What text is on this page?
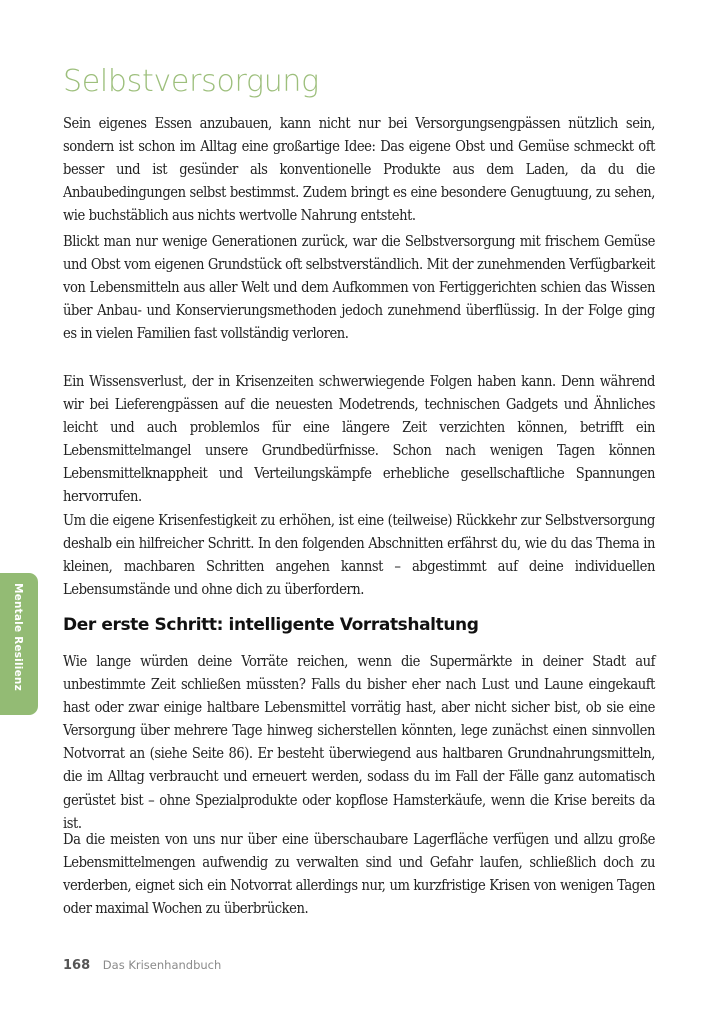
Selbstversorgung

Sein eigenes Essen anzubauen, kann nicht nur bei Versorgungsengpässen nützlich sein, sondern ist schon im Alltag eine großartige Idee: Das eigene Obst und Gemüse schmeckt oft besser und ist gesünder als konventionelle Produkte aus dem Laden, da du die Anbaubedingungen selbst bestimmst. Zudem bringt es eine besondere Genugtuung, zu sehen, wie buchstäblich aus nichts wertvolle Nahrung entsteht.

Blickt man nur wenige Generationen zurück, war die Selbstversorgung mit frischem Gemüse und Obst vom eigenen Grundstück oft selbstverständlich. Mit der zunehmenden Verfügbarkeit von Lebensmitteln aus aller Welt und dem Aufkommen von Fertiggerichten schien das Wissen über Anbau- und Konservierungsmethoden jedoch zunehmend überflüssig. In der Folge ging es in vielen Familien fast vollständig verloren.

Ein Wissensverlust, der in Krisenzeiten schwerwiegende Folgen haben kann. Denn während wir bei Lieferengpässen auf die neuesten Modetrends, technischen Gadgets und Ähnliches leicht und auch problemlos für eine längere Zeit verzichten können, betrifft ein Lebensmittelmangel unsere Grundbedürfnisse. Schon nach wenigen Tagen können Lebensmittelknappheit und Verteilungskämpfe erhebliche gesellschaftliche Spannungen hervorrufen.

Um die eigene Krisenfestigkeit zu erhöhen, ist eine (teilweise) Rückkehr zur Selbstversorgung deshalb ein hilfreicher Schritt. In den folgenden Abschnitten erfährst du, wie du das Thema in kleinen, machbaren Schritten angehen kannst – abgestimmt auf deine individuellen Lebensumstände und ohne dich zu überfordern.

Der erste Schritt: intelligente Vorratshaltung

Wie lange würden deine Vorräte reichen, wenn die Supermärkte in deiner Stadt auf unbestimmte Zeit schließen müssten? Falls du bisher eher nach Lust und Laune eingekauft hast oder zwar einige haltbare Lebensmittel vorrätig hast, aber nicht sicher bist, ob sie eine Versorgung über mehrere Tage hinweg sicherstellen könnten, lege zunächst einen sinnvollen Notvorrat an (siehe Seite 86). Er besteht überwiegend aus haltbaren Grundnahrungsmitteln, die im Alltag verbraucht und erneuert werden, sodass du im Fall der Fälle ganz automatisch gerüstet bist – ohne Spezialprodukte oder kopflose Hamsterkäufe, wenn die Krise bereits da ist.

Da die meisten von uns nur über eine überschaubare Lagerfläche verfügen und allzu große Lebensmittelmengen aufwendig zu verwalten sind und Gefahr laufen, schließlich doch zu verderben, eignet sich ein Notvorrat allerdings nur, um kurzfristige Krisen von wenigen Tagen oder maximal Wochen zu überbrücken.

Mentale Resilienz
168 Das Krisenhandbuch
